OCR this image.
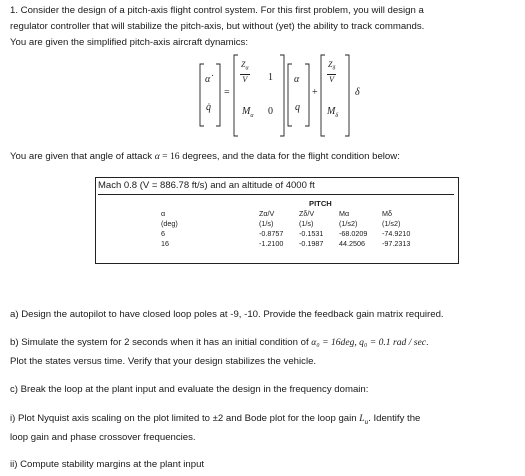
1. Consider the design of a pitch-axis flight control system. For this first problem, you will design a
regulator controller that will stabilize the pitch-axis, but without (yet) the ability to track commands.
You are given the simplified pitch-axis aircraft dynamics:
α̇
q̇
=
$\frac{Z_\alpha}{V} 1$
$M_\alpha$ 0
α
q
+
$\frac{Z_\delta}{V}$
$M_\delta$
δ
You are given that angle of attack α = 16 degrees, and the data for the flight condition below:
Mach 0.8 (V = 886.78 ft/s) and an altitude of 4000 ft
PITCH
α
(deg)
6
16
Zα/V
(1/s)
-0.8757
-1.2100
Zδ/V
(1/s)
-0.1531
-0.1987
Mα
(1/s2)
-68.0209
44.2506
Mδ
(1/s2)
-74.9210
-97.2313
a) Design the autopilot to have closed loop poles at -9, -10. Provide the feedback gain matrix required.
b) Simulate the system for 2 seconds when it has an initial condition of α₀ = 16deg, q₀ = 0.1 rad / sec.
Plot the states versus time. Verify that your design stabilizes the vehicle.
c) Break the loop at the plant input and evaluate the design in the frequency domain:
i) Plot Nyquist axis scaling on the plot limited to ±2 and Bode plot for the loop gain $L_u$. Identify the
loop gain and phase crossover frequencies.
ii) Compute stability margins at the plant input
